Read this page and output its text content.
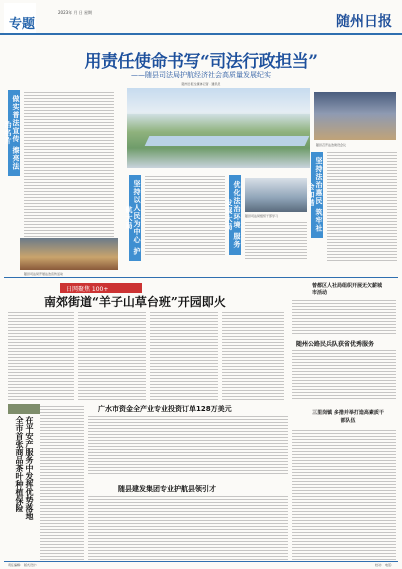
专题
2023年 月 日 星期
随州日报
用责任使命书写“司法行政担当”
——随县司法局护航经济社会高质量发展纪实
随州日报全媒体记者 · 通讯员
做实普法宣传 擦亮法治名片
随县司法局开展法治宣传活动
随县召开法治建设会议
坚持以人民为中心 护航大局	优化法治环境 服务发展大局	随县司法局组织干部学习	坚持法治惠民 筑牢社会和谐
日网聚焦 100+
南郊街道“羊子山草台班”开园即火
曾都区人社局组织开展无欠薪城市活动
随州公路民兵队获省优秀服务
在平安产服务中发挥优势落地 全市首张商品茶叶种植保险
广水市资金全产业专业投资订单128万美元
随县建发集团专业护航县领引才
三里岗镇 多措并举打造高素质干部队伍
责任编辑： 版式设计：	校对： 电话：
